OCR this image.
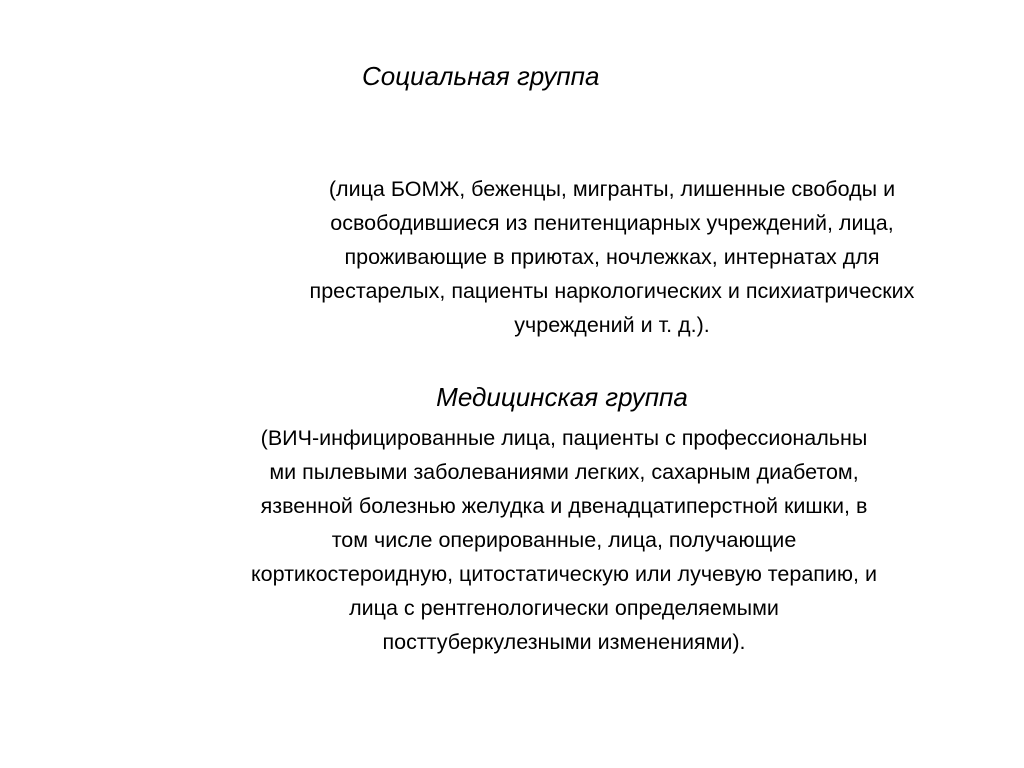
Социальная группа
(лица БОМЖ, беженцы, мигранты, лишенные свободы и
освободившиеся из пенитенциарных учреждений, лица,
проживающие в приютах, ночлежках, интернатах для
престарелых, пациенты наркологических и психиатрических
учреждений и т. д.).
Медицинская группа
(ВИЧ-инфицированные лица, пациенты с профессиональны
ми пылевыми заболеваниями легких, сахарным диабетом,
язвенной болезнью желудка и двенадцатиперстной кишки, в
том числе оперированные, лица, получающие
кортикостероидную, цитостатическую или лучевую терапию, и
лица с рентгенологически определяемыми
посттуберкулезными изменениями).
